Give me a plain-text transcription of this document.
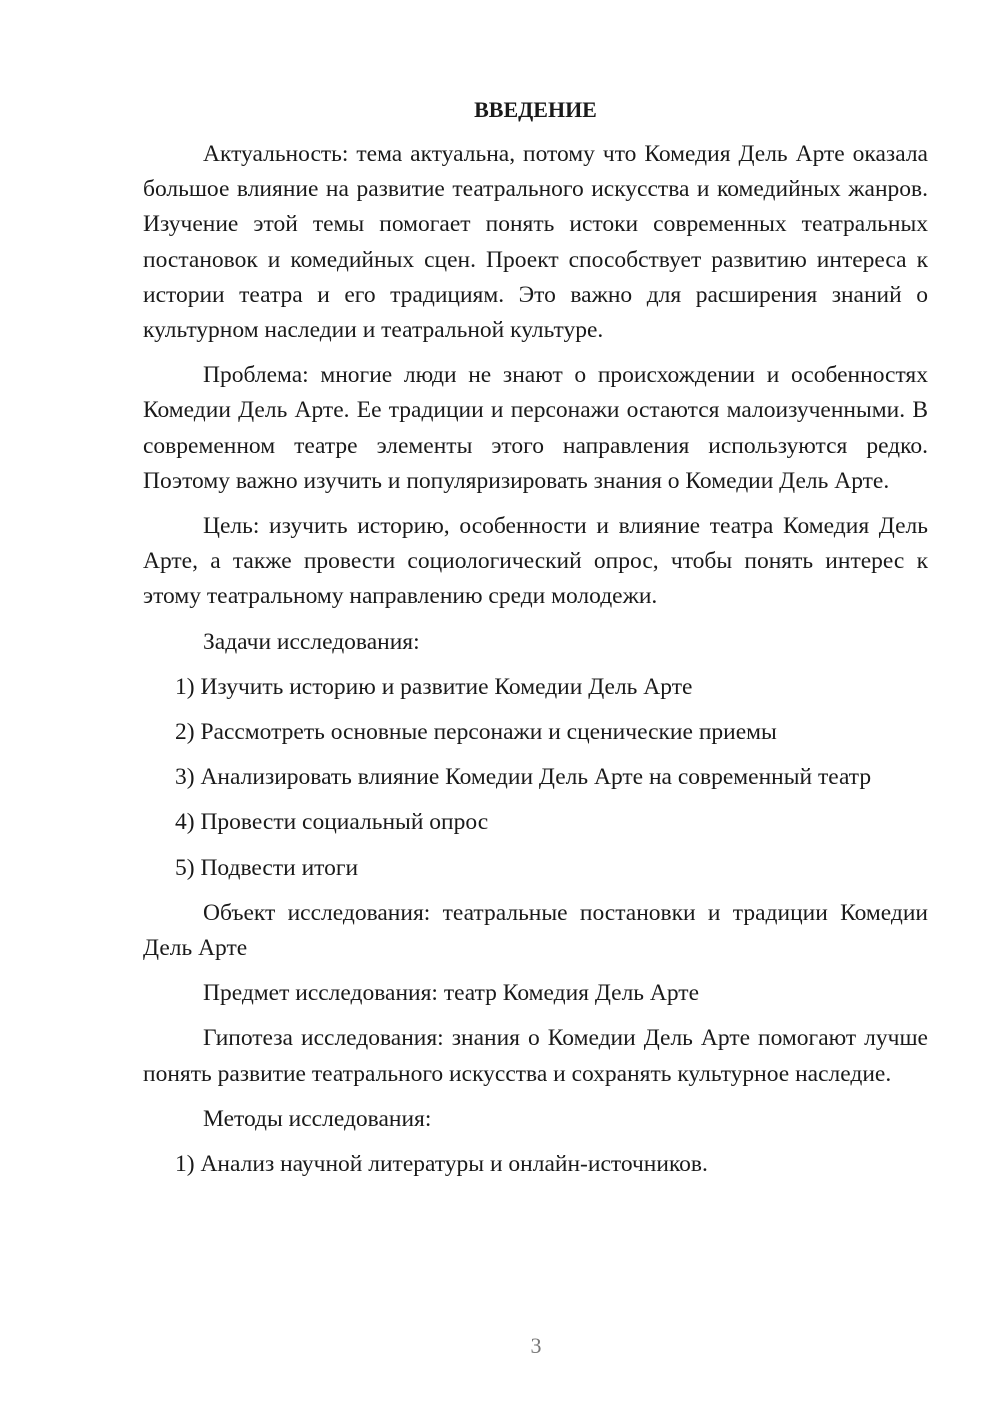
ВВЕДЕНИЕ

Актуальность: тема актуальна, потому что Комедия Дель Арте оказала большое влияние на развитие театрального искусства и комедийных жанров. Изучение этой темы помогает понять истоки современных театральных постановок и комедийных сцен. Проект способствует развитию интереса к истории театра и его традициям. Это важно для расширения знаний о культурном наследии и театральной культуре.

Проблема: многие люди не знают о происхождении и особенностях Комедии Дель Арте. Ее традиции и персонажи остаются малоизученными. В современном театре элементы этого направления используются редко. Поэтому важно изучить и популяризировать знания о Комедии Дель Арте.

Цель: изучить историю, особенности и влияние театра Комедия Дель Арте, а также провести социологический опрос, чтобы понять интерес к этому театральному направлению среди молодежи.

Задачи исследования:

1) Изучить историю и развитие Комедии Дель Арте

2) Рассмотреть основные персонажи и сценические приемы

3) Анализировать влияние Комедии Дель Арте на современный театр

4) Провести социальный опрос

5) Подвести итоги

Объект исследования: театральные постановки и традиции Комедии Дель Арте

Предмет исследования: театр Комедия Дель Арте

Гипотеза исследования: знания о Комедии Дель Арте помогают лучше понять развитие театрального искусства и сохранять культурное наследие.

Методы исследования:

1) Анализ научной литературы и онлайн-источников.

3
